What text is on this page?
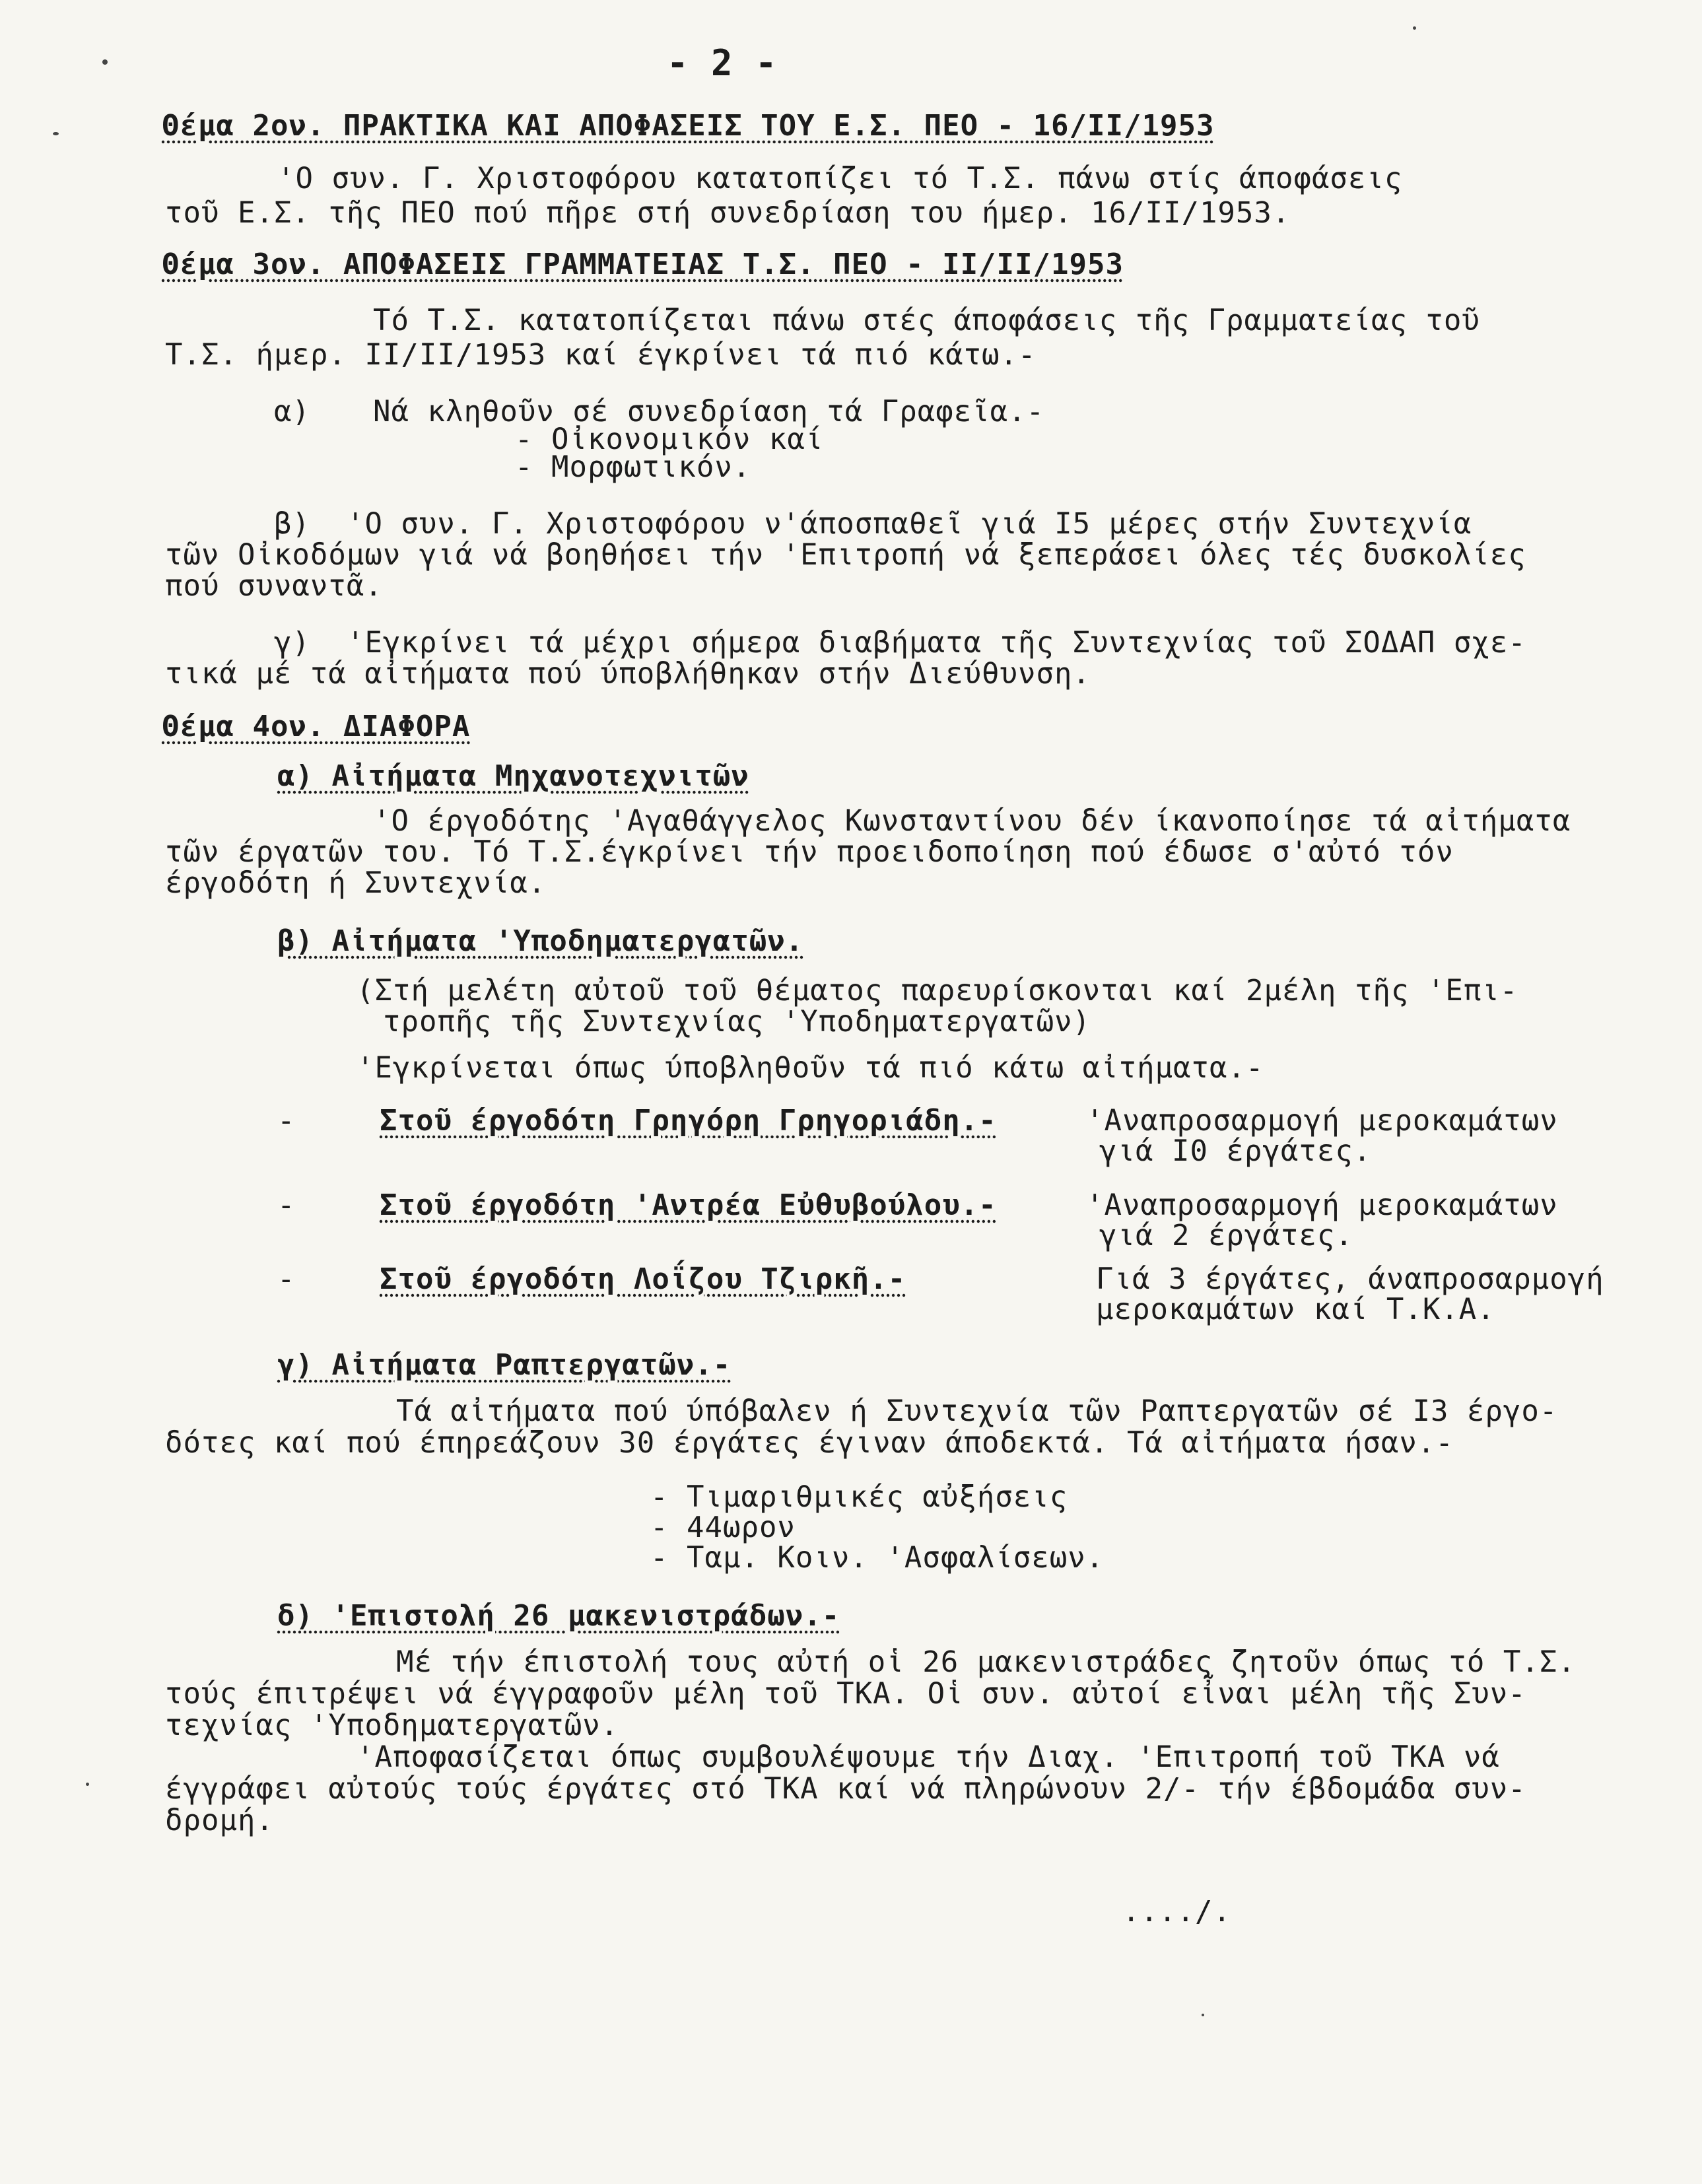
- 2 -
Θέμα 2ον. ΠΡΑΚΤΙΚΑ ΚΑΙ ΑΠΟΦΑΣΕΙΣ ΤΟΥ Ε.Σ. ΠΕΟ - 16/ΙΙ/1953
'Ο συν. Γ. Χριστοφόρου κατατοπίζει τό Τ.Σ. πάνω στίς άποφάσεις
τοῦ Ε.Σ. τῆς ΠΕΟ πού πῆρε στή συνεδρίαση του ήμερ. 16/ΙΙ/1953.
Θέμα 3ον. ΑΠΟΦΑΣΕΙΣ ΓΡΑΜΜΑΤΕΙΑΣ Τ.Σ. ΠΕΟ - ΙΙ/ΙΙ/1953
Τό Τ.Σ. κατατοπίζεται πάνω στές άποφάσεις τῆς Γραμματείας τοῦ
Τ.Σ. ήμερ. ΙΙ/ΙΙ/1953 καί έγκρίνει τά πιό κάτω.-
α) Νά κληθοῦν σέ συνεδρίαση τά Γραφεῖα.-
- Οἰκονομικόν καί
- Μορφωτικόν.
β)  'Ο συν. Γ. Χριστοφόρου ν'άποσπαθεῖ γιά Ι5 μέρες στήν Συντεχνία
τῶν Οἰκοδόμων γιά νά βοηθήσει τήν 'Επιτροπή νά ξεπεράσει όλες τές δυσκολίες
πού συναντᾶ.
γ)  'Εγκρίνει τά μέχρι σήμερα διαβήματα τῆς Συντεχνίας τοῦ ΣΟΔΑΠ σχε-
τικά μέ τά αἰτήματα πού ύποβλήθηκαν στήν Διεύθυνση.
Θέμα 4ον. ΔΙΑΦΟΡΑ
α) Αἰτήματα Μηχανοτεχνιτῶν
'Ο έργοδότης 'Αγαθάγγελος Κωνσταντίνου δέν ίκανοποίησε τά αἰτήματα
τῶν έργατῶν του. Τό Τ.Σ.έγκρίνει τήν προειδοποίηση πού έδωσε σ'αὐτό τόν
έργοδότη ή Συντεχνία.
β) Αἰτήματα 'Υποδηματεργατῶν.
(Στή μελέτη αὐτοῦ τοῦ θέματος παρευρίσκονται καί 2μέλη τῆς 'Επι-
τροπῆς τῆς Συντεχνίας 'Υποδηματεργατῶν)
'Εγκρίνεται όπως ύποβληθοῦν τά πιό κάτω αἰτήματα.-
-	Στοῦ έργοδότη Γρηγόρη Γρηγοριάδη.-	'Αναπροσαρμογή μεροκαμάτων
γιά Ι0 έργάτες.
-	Στοῦ έργοδότη 'Αντρέα Εὐθυβούλου.-	'Αναπροσαρμογή μεροκαμάτων
γιά 2 έργάτες.
-	Στοῦ έργοδότη Λοΐζου Τζιρκῆ.-	Γιά 3 έργάτες, άναπροσαρμογή
μεροκαμάτων καί Τ.Κ.Α.
γ) Αἰτήματα Ραπτεργατῶν.-
Τά αἰτήματα πού ύπόβαλεν ή Συντεχνία τῶν Ραπτεργατῶν σέ Ι3 έργο-
δότες καί πού έπηρεάζουν 30 έργάτες έγιναν άποδεκτά. Τά αἰτήματα ήσαν.-
- Τιμαριθμικές αὐξήσεις
- 44ωρον
- Ταμ. Κοιν. 'Ασφαλίσεων.
δ) 'Επιστολή 26 μακενιστράδων.-
Μέ τήν έπιστολή τους αὐτή οἱ 26 μακενιστράδες ζητοῦν όπως τό Τ.Σ.
τούς έπιτρέψει νά έγγραφοῦν μέλη τοῦ ΤΚΑ. Οἱ συν. αὐτοί εἶναι μέλη τῆς Συν-
τεχνίας 'Υποδηματεργατῶν.
'Αποφασίζεται όπως συμβουλέψουμε τήν Διαχ. 'Επιτροπή τοῦ ΤΚΑ νά
έγγράφει αὐτούς τούς έργάτες στό ΤΚΑ καί νά πληρώνουν 2/- τήν έβδομάδα συν-
δρομή.
..../.
